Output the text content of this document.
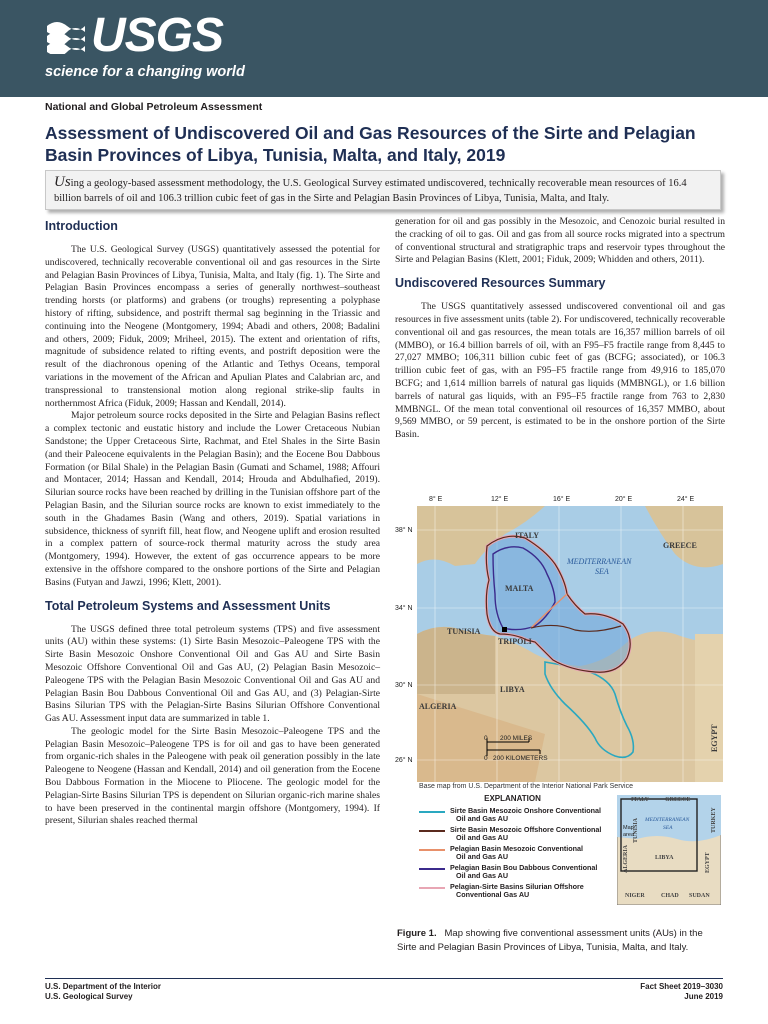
USGS
science for a changing world
National and Global Petroleum Assessment
Assessment of Undiscovered Oil and Gas Resources of the Sirte and Pelagian Basin Provinces of Libya, Tunisia, Malta, and Italy, 2019
Using a geology-based assessment methodology, the U.S. Geological Survey estimated undiscovered, technically recoverable mean resources of 16.4 billion barrels of oil and 106.3 trillion cubic feet of gas in the Sirte and Pelagian Basin Provinces of Libya, Tunisia, Malta, and Italy.
Introduction

The U.S. Geological Survey (USGS) quantitatively assessed the potential for undiscovered, technically recoverable conventional oil and gas resources in the Sirte and Pelagian Basin Provinces of Libya, Tunisia, Malta, and Italy (fig. 1). The Sirte and Pelagian Basin Provinces encompass a series of generally northwest–southeast trending horsts (or platforms) and grabens (or troughs) representing a polyphase history of rifting, subsidence, and postrift thermal sag beginning in the Triassic and continuing into the Neogene (Montgomery, 1994; Abadi and others, 2008; Badalini and others, 2009; Fiduk, 2009; Mriheel, 2015). The extent and orientation of rifts, magnitude of subsidence related to rifting events, and postrift deposition were the result of the diachronous opening of the Atlantic and Tethys Oceans, temporal variations in the movement of the African and Apulian Plates and Calabrian arc, and transpressional to transtensional motion along regional strike-slip faults in northernmost Africa (Fiduk, 2009; Hassan and Kendall, 2014).

Major petroleum source rocks deposited in the Sirte and Pelagian Basins reflect a complex tectonic and eustatic history and include the Lower Cretaceous Nubian Sandstone; the Upper Cretaceous Sirte, Rachmat, and Etel Shales in the Sirte Basin (and their Paleocene equivalents in the Pelagian Basin); and the Eocene Bou Dabbous Formation (or Bilal Shale) in the Pelagian Basin (Gumati and Schamel, 1988; Affouri and Montacer, 2014; Hassan and Kendall, 2014; Hrouda and Abdulhafied, 2019). Silurian source rocks have been reached by drilling in the Tunisian offshore part of the Pelagian Basin, and the Silurian source rocks are known to exist immediately to the south in the Ghadames Basin (Wang and others, 2019). Spatial variations in subsidence, thickness of synrift fill, heat flow, and Neogene uplift and erosion resulted in a complex pattern of source-rock thermal maturity across the study area (Montgomery, 1994). However, the extent of gas occurrence appears to be more extensive in the offshore compared to the onshore portions of the Sirte and Pelagian Basins (Futyan and Jawzi, 1996; Klett, 2001).

Total Petroleum Systems and Assessment Units

The USGS defined three total petroleum systems (TPS) and five assessment units (AU) within these systems: (1) Sirte Basin Mesozoic–Paleogene TPS with the Sirte Basin Mesozoic Onshore Conventional Oil and Gas AU and Sirte Basin Mesozoic Offshore Conventional Oil and Gas AU, (2) Pelagian Basin Mesozoic–Paleogene TPS with the Pelagian Basin Mesozoic Conventional Oil and Gas AU and Pelagian Basin Bou Dabbous Conventional Oil and Gas AU, and (3) Pelagian-Sirte Basins Silurian TPS with the Pelagian-Sirte Basins Silurian Offshore Conventional Gas AU. Assessment input data are summarized in table 1.

The geologic model for the Sirte Basin Mesozoic–Paleogene TPS and the Pelagian Basin Mesozoic–Paleogene TPS is for oil and gas to have been generated from organic-rich shales in the Paleogene with peak oil generation possibly in the late Paleogene to Neogene (Hassan and Kendall, 2014) and oil generation from the Eocene Bou Dabbous Formation in the Miocene to Pliocene. The geologic model for the Pelagian-Sirte Basins Silurian TPS is dependent on Silurian organic-rich marine shales to have been preserved in the continental margin offshore (Montgomery, 1994). If present, Silurian shales reached thermal

generation for oil and gas possibly in the Mesozoic, and Cenozoic burial resulted in the cracking of oil to gas. Oil and gas from all source rocks migrated into a spectrum of conventional structural and stratigraphic traps and reservoir types throughout the Sirte and Pelagian Basins (Klett, 2001; Fiduk, 2009; Whidden and others, 2011).

Undiscovered Resources Summary

The USGS quantitatively assessed undiscovered conventional oil and gas resources in five assessment units (table 2). For undiscovered, technically recoverable conventional oil and gas resources, the mean totals are 16,357 million barrels of oil (MMBO), or 16.4 billion barrels of oil, with an F95–F5 fractile range from 8,445 to 27,027 MMBO; 106,311 billion cubic feet of gas (BCFG; associated), or 106.3 trillion cubic feet of gas, with an F95–F5 fractile range from 49,916 to 185,070 BCFG; and 1,614 million barrels of natural gas liquids (MMBNGL), or 1.6 billion barrels of natural gas liquids, with an F95–F5 fractile range from 763 to 2,830 MMBNGL. Of the mean total conventional oil resources of 16,357 MMBO, about 9,569 MMBO, or 59 percent, is estimated to be in the onshore portion of the Sirte Basin.

8° E	12° E	16° E	20° E	24° E
38° N
34° N
30° N
26° N
ITALY
GREECE
MALTA
TUNISIA
TRIPOLI
LIBYA
ALGERIA
EGYPT
MEDITERRANEAN
SEA
200 MILES
0
200 KILOMETERS
0
Base map from U.S. Department of the Interior National Park Service
EXPLANATION
Sirte Basin Mesozoic Onshore Conventional
Oil and Gas AU
Sirte Basin Mesozoic Offshore Conventional
Oil and Gas AU
Pelagian Basin Mesozoic Conventional
Oil and Gas AU
Pelagian Basin Bou Dabbous Conventional
Oil and Gas AU
Pelagian-Sirte Basins Silurian Offshore
Conventional Gas AU
ITALY	GREECE
TURKEY
TUNISIA
ALGERIA	LIBYA	EGYPT
NIGER	CHAD SUDAN
MEDITERRANEAN
SEA
Map
area
Figure 1. Map showing five conventional assessment units (AUs) in the Sirte and Pelagian Basin Provinces of Libya, Tunisia, Malta, and Italy.
U.S. Department of the Interior
U.S. Geological Survey
Fact Sheet 2019–3030
June 2019
